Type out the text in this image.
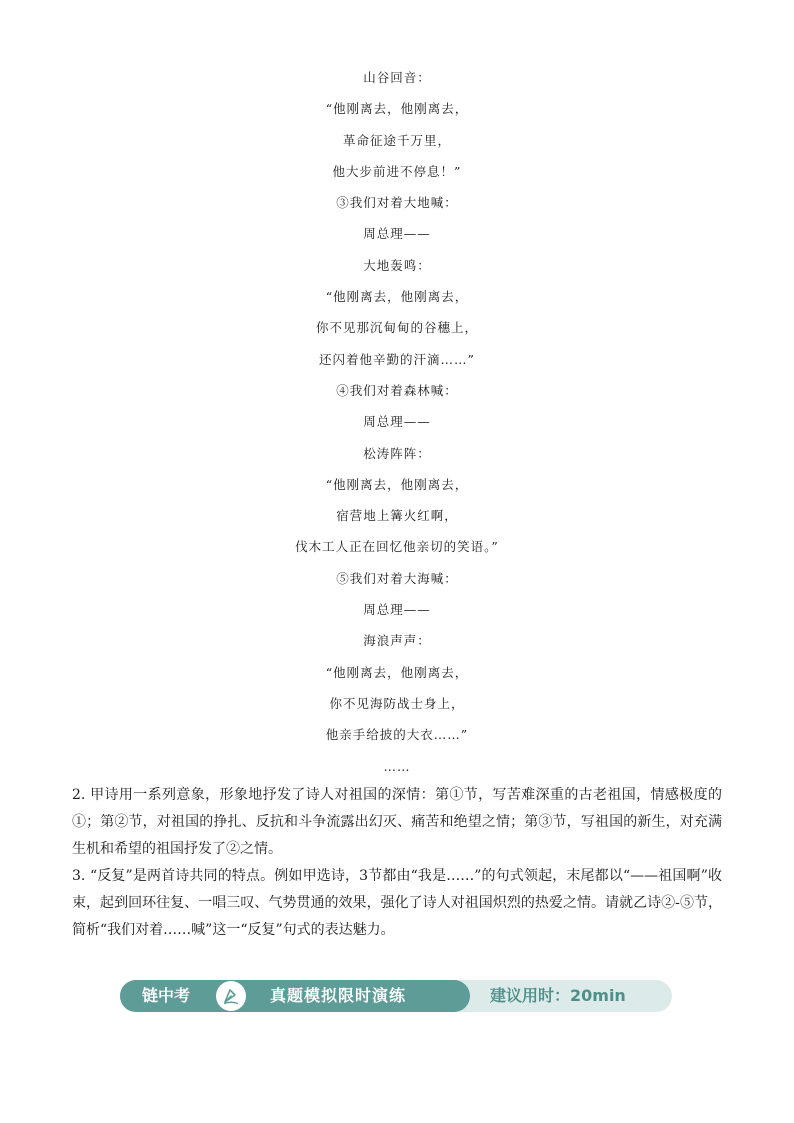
山谷回音：
“他刚离去，他刚离去，
革命征途千万里，
他大步前进不停息！”
③我们对着大地喊：
周总理——
大地轰鸣：
“他刚离去，他刚离去，
你不见那沉甸甸的谷穗上，
还闪着他辛勤的汗滴……”
④我们对着森林喊：
周总理——
松涛阵阵：
“他刚离去，他刚离去，
宿营地上篝火红啊，
伐木工人正在回忆他亲切的笑语。”
⑤我们对着大海喊：
周总理——
海浪声声：
“他刚离去，他刚离去，
你不见海防战士身上，
他亲手给披的大衣……”
……

2. 甲诗用一系列意象，形象地抒发了诗人对祖国的深情：第①节，写苦难深重的古老祖国，情感极度的①；第②节，对祖国的挣扎、反抗和斗争流露出幻灭、痛苦和绝望之情；第③节，写祖国的新生，对充满生机和希望的祖国抒发了②之情。

3. “反复”是两首诗共同的特点。例如甲选诗，3节都由“我是……”的句式领起，末尾都以“——祖国啊”收束，起到回环往复、一唱三叹、气势贯通的效果，强化了诗人对祖国炽烈的热爱之情。请就乙诗②-⑤节，简析“我们对着……喊”这一“反复”句式的表达魅力。

链中考	真题模拟限时演练	建议用时：20min
